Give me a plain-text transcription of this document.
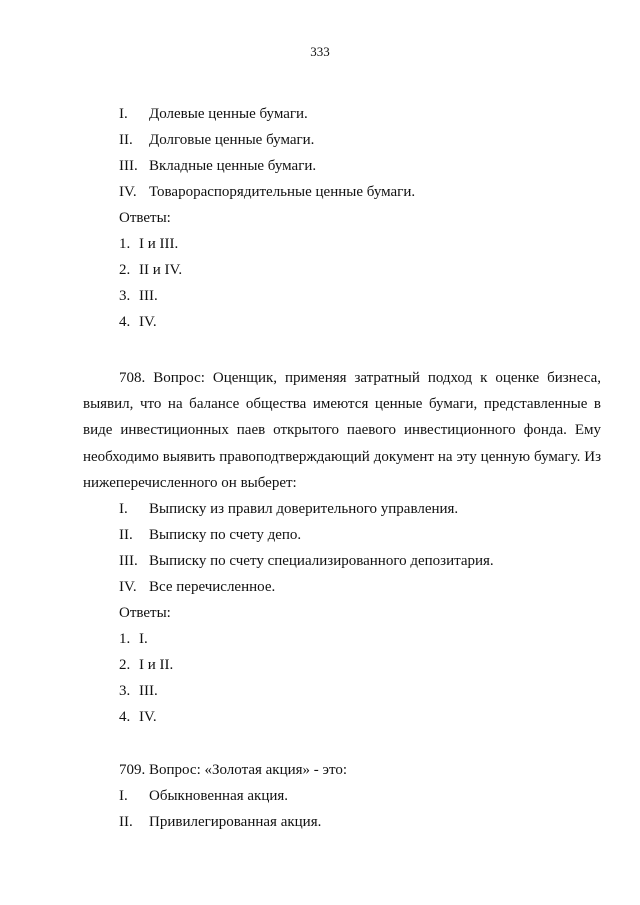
333
I. Долевые ценные бумаги.
II. Долговые ценные бумаги.
III. Вкладные ценные бумаги.
IV. Товарораспорядительные ценные бумаги.
Ответы:
1. I и III.
2. II и IV.
3. III.
4. IV.
708. Вопрос: Оценщик, применяя затратный подход к оценке бизнеса, выявил, что на балансе общества имеются ценные бумаги, представленные в виде инвестиционных паев открытого паевого инвестиционного фонда. Ему необходимо выявить правоподтверждающий документ на эту ценную бумагу. Из нижеперечисленного он выберет:
I. Выписку из правил доверительного управления.
II. Выписку по счету депо.
III. Выписку по счету специализированного депозитария.
IV. Все перечисленное.
Ответы:
1. I.
2. I и II.
3. III.
4. IV.
709. Вопрос: «Золотая акция» - это:
I. Обыкновенная акция.
II. Привилегированная акция.
